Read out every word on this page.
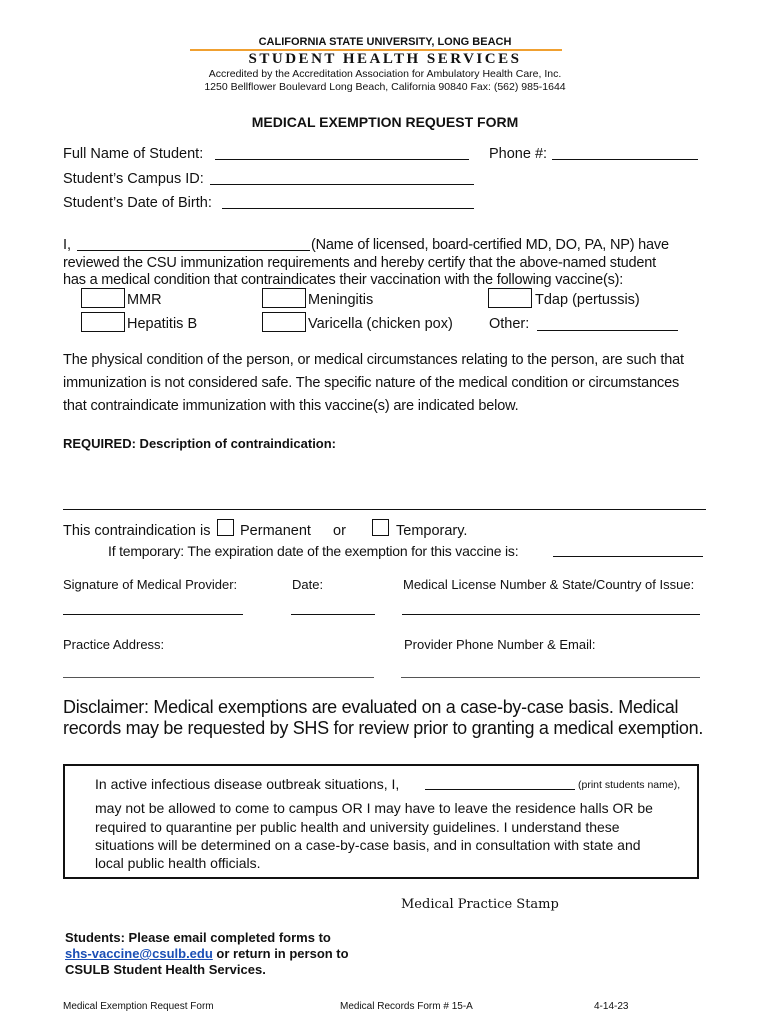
CALIFORNIA STATE UNIVERSITY, LONG BEACH
STUDENT HEALTH SERVICES
Accredited by the Accreditation Association for Ambulatory Health Care, Inc.
1250 Bellflower Boulevard Long Beach, California 90840 Fax: (562) 985-1644
MEDICAL EXEMPTION REQUEST FORM
Full Name of Student:	Phone #:
Student’s Campus ID:
Student’s Date of Birth:
I,	(Name of licensed, board-certified MD, DO, PA, NP) have
reviewed the CSU immunization requirements and hereby certify that the above-named student
has a medical condition that contraindicates their vaccination with the following vaccine(s):
MMR	Meningitis	Tdap (pertussis)
Hepatitis B	Varicella (chicken pox) Other:
The physical condition of the person, or medical circumstances relating to the person, are such that
immunization is not considered safe. The specific nature of the medical condition or circumstances
that contraindicate immunization with this vaccine(s) are indicated below.
REQUIRED: Description of contraindication:
This contraindication is Permanent or	Temporary.
If temporary: The expiration date of the exemption for this vaccine is:
Signature of Medical Provider:	Date:	Medical License Number & State/Country of Issue:
Practice Address:	Provider Phone Number & Email:
Disclaimer: Medical exemptions are evaluated on a case-by-case basis. Medical
records may be requested by SHS for review prior to granting a medical exemption.
In active infectious disease outbreak situations, I,	(print students name),
may not be allowed to come to campus OR I may have to leave the residence halls OR be
required to quarantine per public health and university guidelines. I understand these
situations will be determined on a case-by-case basis, and in consultation with state and
local public health officials.
Medical Practice Stamp
Students: Please email completed forms to
shs-vaccine@csulb.edu or return in person to
CSULB Student Health Services.
Medical Exemption Request Form	Medical Records Form # 15-A	4-14-23
